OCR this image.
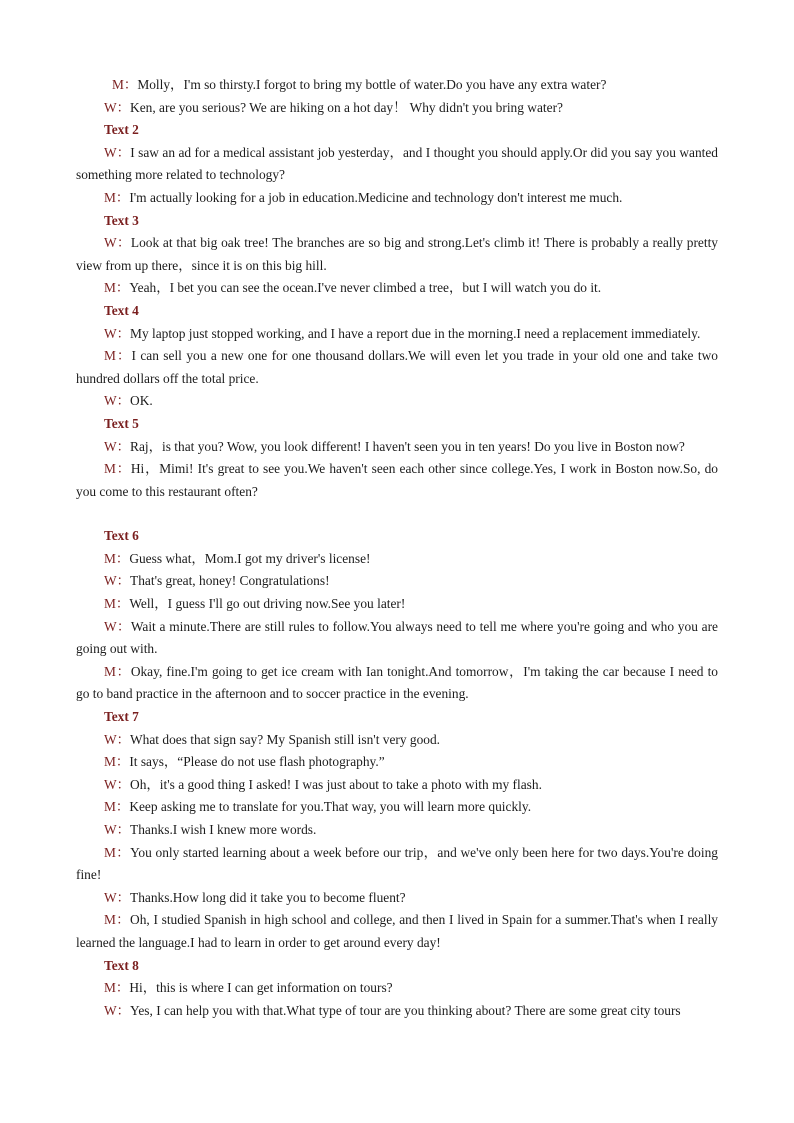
M：Molly，I'm so thirsty.I forgot to bring my bottle of water.Do you have any extra water?

W：Ken, are you serious? We are hiking on a hot day！ Why didn't you bring water?

Text 2

W：I saw an ad for a medical assistant job yesterday，and I thought you should apply.Or did you say you wanted something more related to technology?

M：I'm actually looking for a job in education.Medicine and technology don't interest me much.

Text 3

W：Look at that big oak tree! The branches are so big and strong.Let's climb it! There is probably a really pretty view from up there，since it is on this big hill.

M：Yeah，I bet you can see the ocean.I've never climbed a tree，but I will watch you do it.

Text 4

W：My laptop just stopped working, and I have a report due in the morning.I need a replacement immediately.

M：I can sell you a new one for one thousand dollars.We will even let you trade in your old one and take two hundred dollars off the total price.

W：OK.

Text 5

W：Raj，is that you? Wow, you look different! I haven't seen you in ten years! Do you live in Boston now?

M：Hi，Mimi! It's great to see you.We haven't seen each other since college.Yes, I work in Boston now.So, do you come to this restaurant often?

Text 6

M：Guess what，Mom.I got my driver's license!

W：That's great, honey! Congratulations!

M：Well，I guess I'll go out driving now.See you later!

W：Wait a minute.There are still rules to follow.You always need to tell me where you're going and who you are going out with.

M：Okay, fine.I'm going to get ice cream with Ian tonight.And tomorrow，I'm taking the car because I need to go to band practice in the afternoon and to soccer practice in the evening.

Text 7

W：What does that sign say? My Spanish still isn't very good.

M：It says，“Please do not use flash photography.”

W：Oh，it's a good thing I asked! I was just about to take a photo with my flash.

M：Keep asking me to translate for you.That way, you will learn more quickly.

W：Thanks.I wish I knew more words.

M：You only started learning about a week before our trip，and we've only been here for two days.You're doing fine!

W：Thanks.How long did it take you to become fluent?

M：Oh, I studied Spanish in high school and college, and then I lived in Spain for a summer.That's when I really learned the language.I had to learn in order to get around every day!

Text 8

M：Hi，this is where I can get information on tours?

W：Yes, I can help you with that.What type of tour are you thinking about? There are some great city tours
